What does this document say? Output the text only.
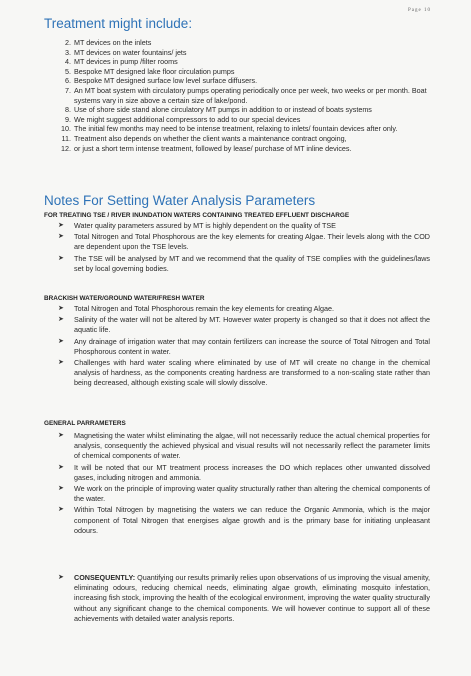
Page 10
Treatment might include:
2. MT devices on the inlets
3. MT devices on water fountains/ jets
4. MT devices in pump /filter rooms
5. Bespoke MT designed lake floor circulation pumps
6. Bespoke MT designed surface low level surface diffusers.
7. An MT boat system with circulatory pumps operating periodically once per week, two weeks or per month. Boat systems vary in size above a certain size of lake/pond.
8. Use of shore side stand alone circulatory MT pumps in addition to or instead of boats systems
9. We might suggest additional compressors to add to our special devices
10. The initial few months may need to be intense treatment, relaxing to inlets/ fountain devices after only.
11. Treatment also depends on whether the client wants a maintenance contract ongoing,
12. or just a short term intense treatment, followed by lease/ purchase of MT inline devices.
Notes For Setting Water Analysis Parameters
FOR TREATING TSE / RIVER INUNDATION WATERS CONTAINING TREATED EFFLUENT DISCHARGE
➤ Water quality parameters assured by MT is highly dependent on the quality of TSE
➤ Total Nitrogen and Total Phosphorous are the key elements for creating Algae. Their levels along with the COD are dependent upon the TSE levels.
➤ The TSE will be analysed by MT and we recommend that the quality of TSE complies with the guidelines/laws set by local governing bodies.
BRACKISH WATER/GROUND WATER/FRESH WATER
➤ Total Nitrogen and Total Phosphorous remain the key elements for creating Algae.
➤ Salinity of the water will not be altered by MT. However water property is changed so that it does not affect the aquatic life.
➤ Any drainage of irrigation water that may contain fertilizers can increase the source of Total Nitrogen and Total Phosphorous content in water.
➤ Challenges with hard water scaling where eliminated by use of MT will create no change in the chemical analysis of hardness, as the components creating hardness are transformed to a non-scaling state rather than being decreased, although existing scale will slowly dissolve.
GENERAL PARRAMETERS
➤ Magnetising the water whilst eliminating the algae, will not necessarily reduce the actual chemical properties for analysis, consequently the achieved physical and visual results will not necessarily reflect the parameter limits of chemical components of water.
➤ It will be noted that our MT treatment process increases the DO which replaces other unwanted dissolved gases, including nitrogen and ammonia.
➤ We work on the principle of improving water quality structurally rather than altering the chemical components of the water.
➤ Within Total Nitrogen by magnetising the waters we can reduce the Organic Ammonia, which is the major component of Total Nitrogen that energises algae growth and is the primary base for initiating unpleasant odours.
➤ CONSEQUENTLY: Quantifying our results primarily relies upon observations of us improving the visual amenity, eliminating odours, reducing chemical needs, eliminating algae growth, eliminating mosquito infestation, increasing fish stock, improving the health of the ecological environment, improving the water quality structurally without any significant change to the chemical components. We will however continue to support all of these achievements with detailed water analysis reports.
